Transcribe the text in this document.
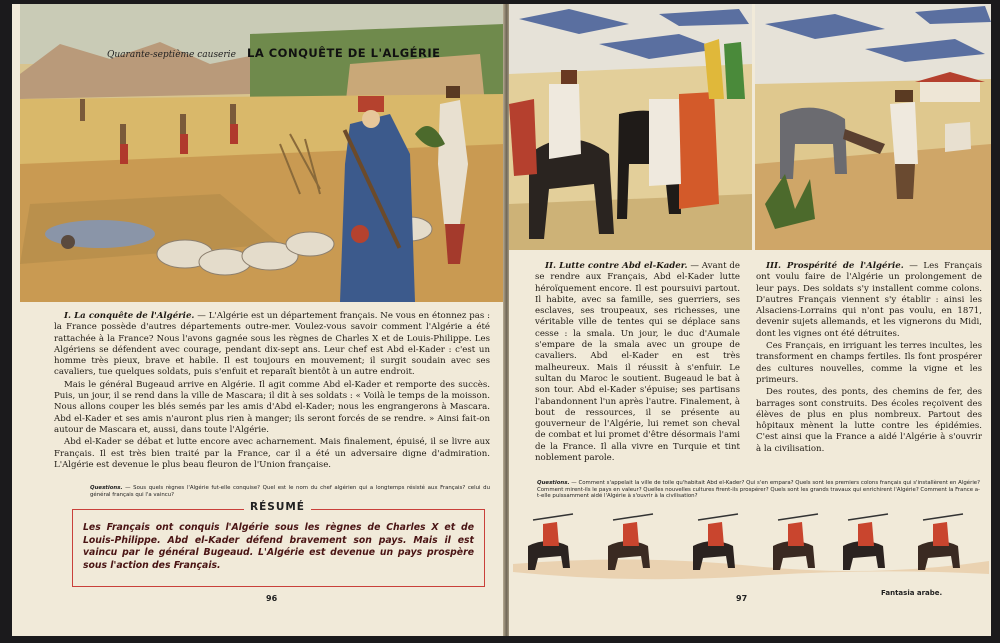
Quarante-septième causerie LA CONQUÊTE DE L'ALGÉRIE

I. La conquête de l'Algérie. — L'Algérie est un département français. Ne vous en étonnez pas : la France possède d'autres départements outre-mer. Voulez-vous savoir comment l'Algérie a été rattachée à la France? Nous l'avons gagnée sous les règnes de Charles X et de Louis-Philippe. Les Algériens se défendent avec courage, pendant dix-sept ans. Leur chef est Abd el-Kader : c'est un homme très pieux, brave et habile. Il est toujours en mouvement; il surgit soudain avec ses cavaliers, tue quelques soldats, puis s'enfuit et reparaît bientôt à un autre endroit.

Mais le général Bugeaud arrive en Algérie. Il agit comme Abd el-Kader et remporte des succès. Puis, un jour, il se rend dans la ville de Mascara; il dit à ses soldats : « Voilà le temps de la moisson. Nous allons couper les blés semés par les amis d'Abd el-Kader; nous les engrangerons à Mascara. Abd el-Kader et ses amis n'auront plus rien à manger; ils seront forcés de se rendre. » Ainsi fait-on autour de Mascara et, aussi, dans toute l'Algérie.

Abd el-Kader se débat et lutte encore avec acharnement. Mais finalement, épuisé, il se livre aux Français. Il est très bien traité par la France, car il a été un adversaire digne d'admiration. L'Algérie est devenue le plus beau fleuron de l'Union française.

Questions. — Sous quels règnes l'Algérie fut-elle conquise? Quel est le nom du chef algérien qui a longtemps résisté aux Français? celui du général français qui l'a vaincu?
Les Français ont conquis l'Algérie sous les règnes de Charles X et de Louis-Philippe. Abd el-Kader défend bravement son pays. Mais il est vaincu par le général Bugeaud. L'Algérie est devenue un pays prospère sous l'action des Français.
RÉSUMÉ
96

II. Lutte contre Abd el-Kader. — Avant de se rendre aux Français, Abd el-Kader lutte héroïquement encore. Il est poursuivi partout. Il habite, avec sa famille, ses guerriers, ses esclaves, ses troupeaux, ses richesses, une véritable ville de tentes qui se déplace sans cesse : la smala. Un jour, le duc d'Aumale s'empare de la smala avec un groupe de cavaliers. Abd el-Kader en est très malheureux. Mais il réussit à s'enfuir. Le sultan du Maroc le soutient. Bugeaud le bat à son tour. Abd el-Kader s'épuise; ses partisans l'abandonnent l'un après l'autre. Finalement, à bout de ressources, il se présente au gouverneur de l'Algérie, lui remet son cheval de combat et lui promet d'être désormais l'ami de la France. Il alla vivre en Turquie et tint noblement parole.

III. Prospérité de l'Algérie. — Les Français ont voulu faire de l'Algérie un prolongement de leur pays. Des soldats s'y installent comme colons. D'autres Français viennent s'y établir : ainsi les Alsaciens-Lorrains qui n'ont pas voulu, en 1871, devenir sujets allemands, et les vignerons du Midi, dont les vignes ont été détruites.

Ces Français, en irriguant les terres incultes, les transforment en champs fertiles. Ils font prospérer des cultures nouvelles, comme la vigne et les primeurs.

Des routes, des ponts, des chemins de fer, des barrages sont construits. Des écoles reçoivent des élèves de plus en plus nombreux. Partout des hôpitaux mènent la lutte contre les épidémies. C'est ainsi que la France a aidé l'Algérie à s'ouvrir à la civilisation.

Questions. — Comment s'appelait la ville de toile qu'habitait Abd el-Kader? Qui s'en empara? Quels sont les premiers colons français qui s'installèrent en Algérie? Comment mirent-ils le pays en valeur? Quelles nouvelles cultures firent-ils prospérer? Quels sont les grands travaux qui enrichirent l'Algérie? Comment la France a-t-elle puissamment aidé l'Algérie à s'ouvrir à la civilisation?
97
Fantasia arabe.
